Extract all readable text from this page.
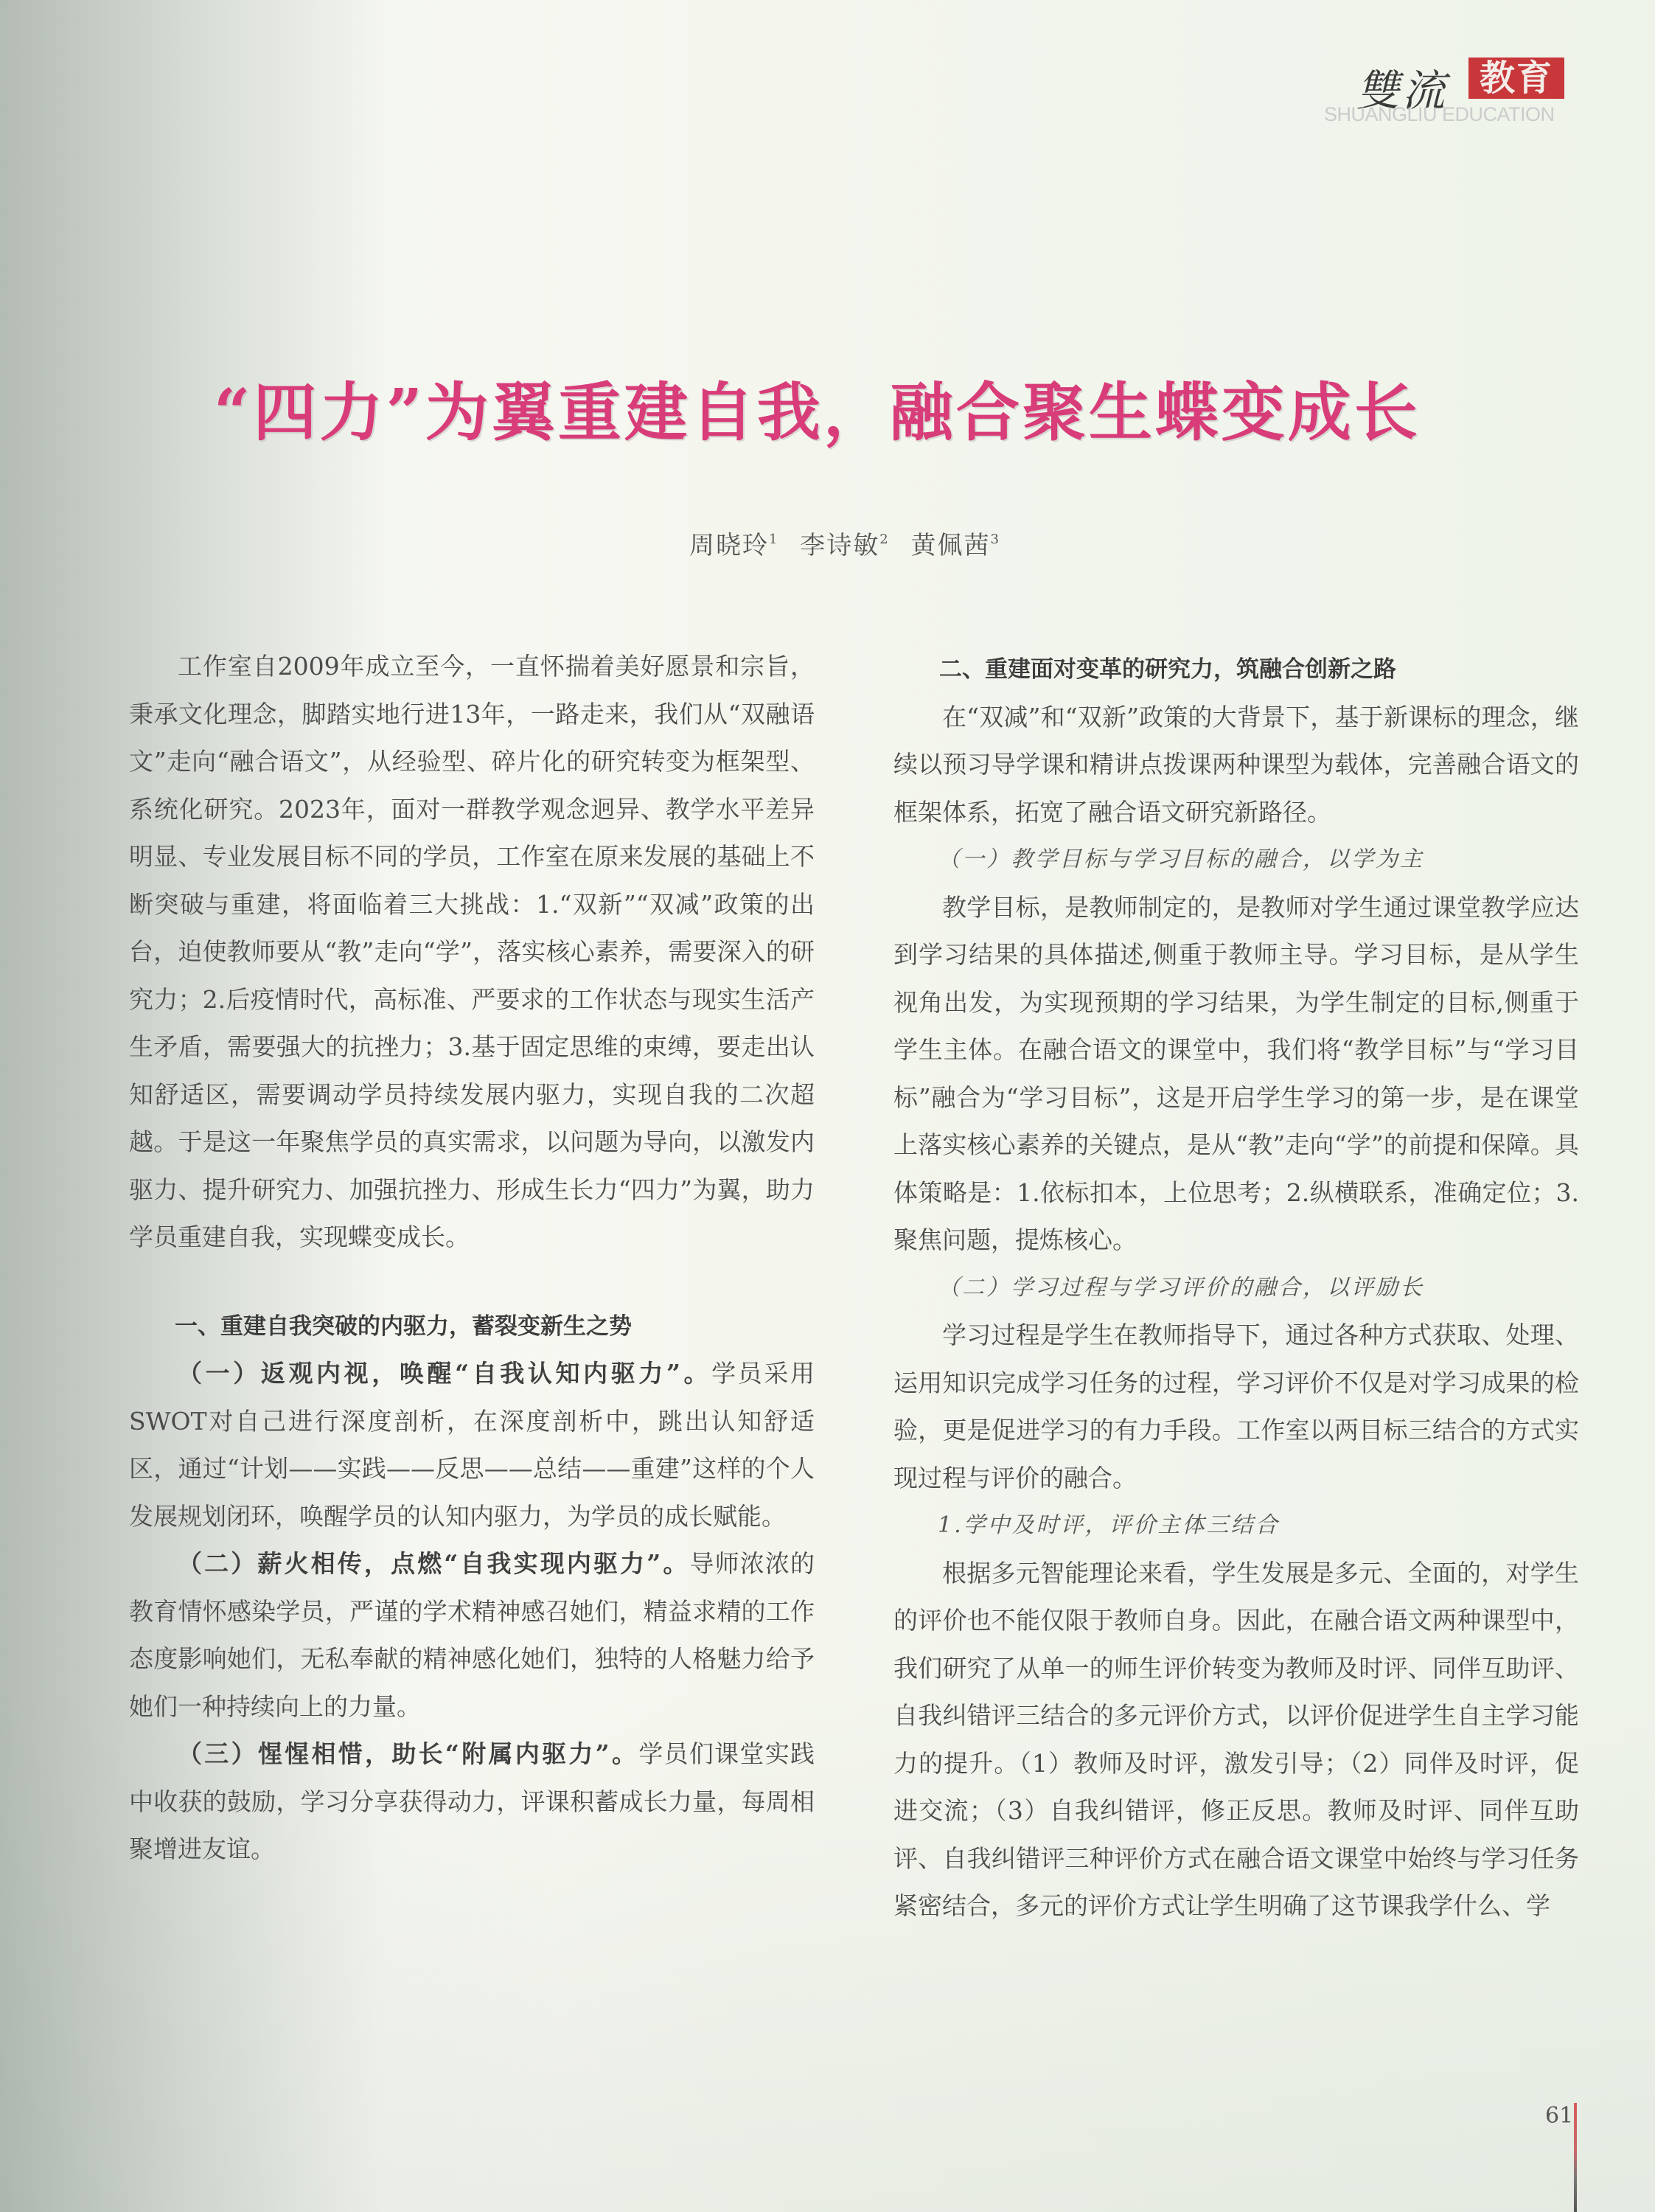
雙流 教育
SHUANGLIU EDUCATION
“四力”为翼重建自我，融合聚生蝶变成长
周晓玲$^1$ 李诗敏$^2$ 黄佩茜$^3$

工作室自2009年成立至今，一直怀揣着美好愿景和宗旨，秉承文化理念，脚踏实地行进13年，一路走来，我们从“双融语文”走向“融合语文”，从经验型、碎片化的研究转变为框架型、系统化研究。2023年，面对一群教学观念迥异、教学水平差异明显、专业发展目标不同的学员，工作室在原来发展的基础上不断突破与重建，将面临着三大挑战：1.“双新”“双减”政策的出台，迫使教师要从“教”走向“学”，落实核心素养，需要深入的研究力；2.后疫情时代，高标准、严要求的工作状态与现实生活产生矛盾，需要强大的抗挫力；3.基于固定思维的束缚，要走出认知舒适区，需要调动学员持续发展内驱力，实现自我的二次超越。于是这一年聚焦学员的真实需求，以问题为导向，以激发内驱力、提升研究力、加强抗挫力、形成生长力“四力”为翼，助力学员重建自我，实现蝶变成长。

一、重建自我突破的内驱力，蓄裂变新生之势

（一）返观内视，唤醒“自我认知内驱力”。学员采用SWOT对自己进行深度剖析，在深度剖析中，跳出认知舒适区，通过“计划——实践——反思——总结——重建”这样的个人发展规划闭环，唤醒学员的认知内驱力，为学员的成长赋能。

（二）薪火相传，点燃“自我实现内驱力”。导师浓浓的教育情怀感染学员，严谨的学术精神感召她们，精益求精的工作态度影响她们，无私奉献的精神感化她们，独特的人格魅力给予她们一种持续向上的力量。

（三）惺惺相惜，助长“附属内驱力”。学员们课堂实践中收获的鼓励，学习分享获得动力，评课积蓄成长力量，每周相聚增进友谊。

二、重建面对变革的研究力，筑融合创新之路

在“双减”和“双新”政策的大背景下，基于新课标的理念，继续以预习导学课和精讲点拨课两种课型为载体，完善融合语文的框架体系，拓宽了融合语文研究新路径。

（一）教学目标与学习目标的融合，以学为主

教学目标，是教师制定的，是教师对学生通过课堂教学应达到学习结果的具体描述,侧重于教师主导。学习目标，是从学生视角出发，为实现预期的学习结果，为学生制定的目标,侧重于学生主体。在融合语文的课堂中，我们将“教学目标”与“学习目标”融合为“学习目标”，这是开启学生学习的第一步，是在课堂上落实核心素养的关键点，是从“教”走向“学”的前提和保障。具体策略是：1.依标扣本，上位思考；2.纵横联系，准确定位；3.聚焦问题，提炼核心。

（二）学习过程与学习评价的融合，以评励长

学习过程是学生在教师指导下，通过各种方式获取、处理、运用知识完成学习任务的过程，学习评价不仅是对学习成果的检验，更是促进学习的有力手段。工作室以两目标三结合的方式实现过程与评价的融合。

1.学中及时评，评价主体三结合

根据多元智能理论来看，学生发展是多元、全面的，对学生的评价也不能仅限于教师自身。因此，在融合语文两种课型中，我们研究了从单一的师生评价转变为教师及时评、同伴互助评、自我纠错评三结合的多元评价方式，以评价促进学生自主学习能力的提升。（1）教师及时评，激发引导；（2）同伴及时评，促进交流；（3）自我纠错评，修正反思。教师及时评、同伴互助评、自我纠错评三种评价方式在融合语文课堂中始终与学习任务紧密结合，多元的评价方式让学生明确了这节课我学什么、学

61
